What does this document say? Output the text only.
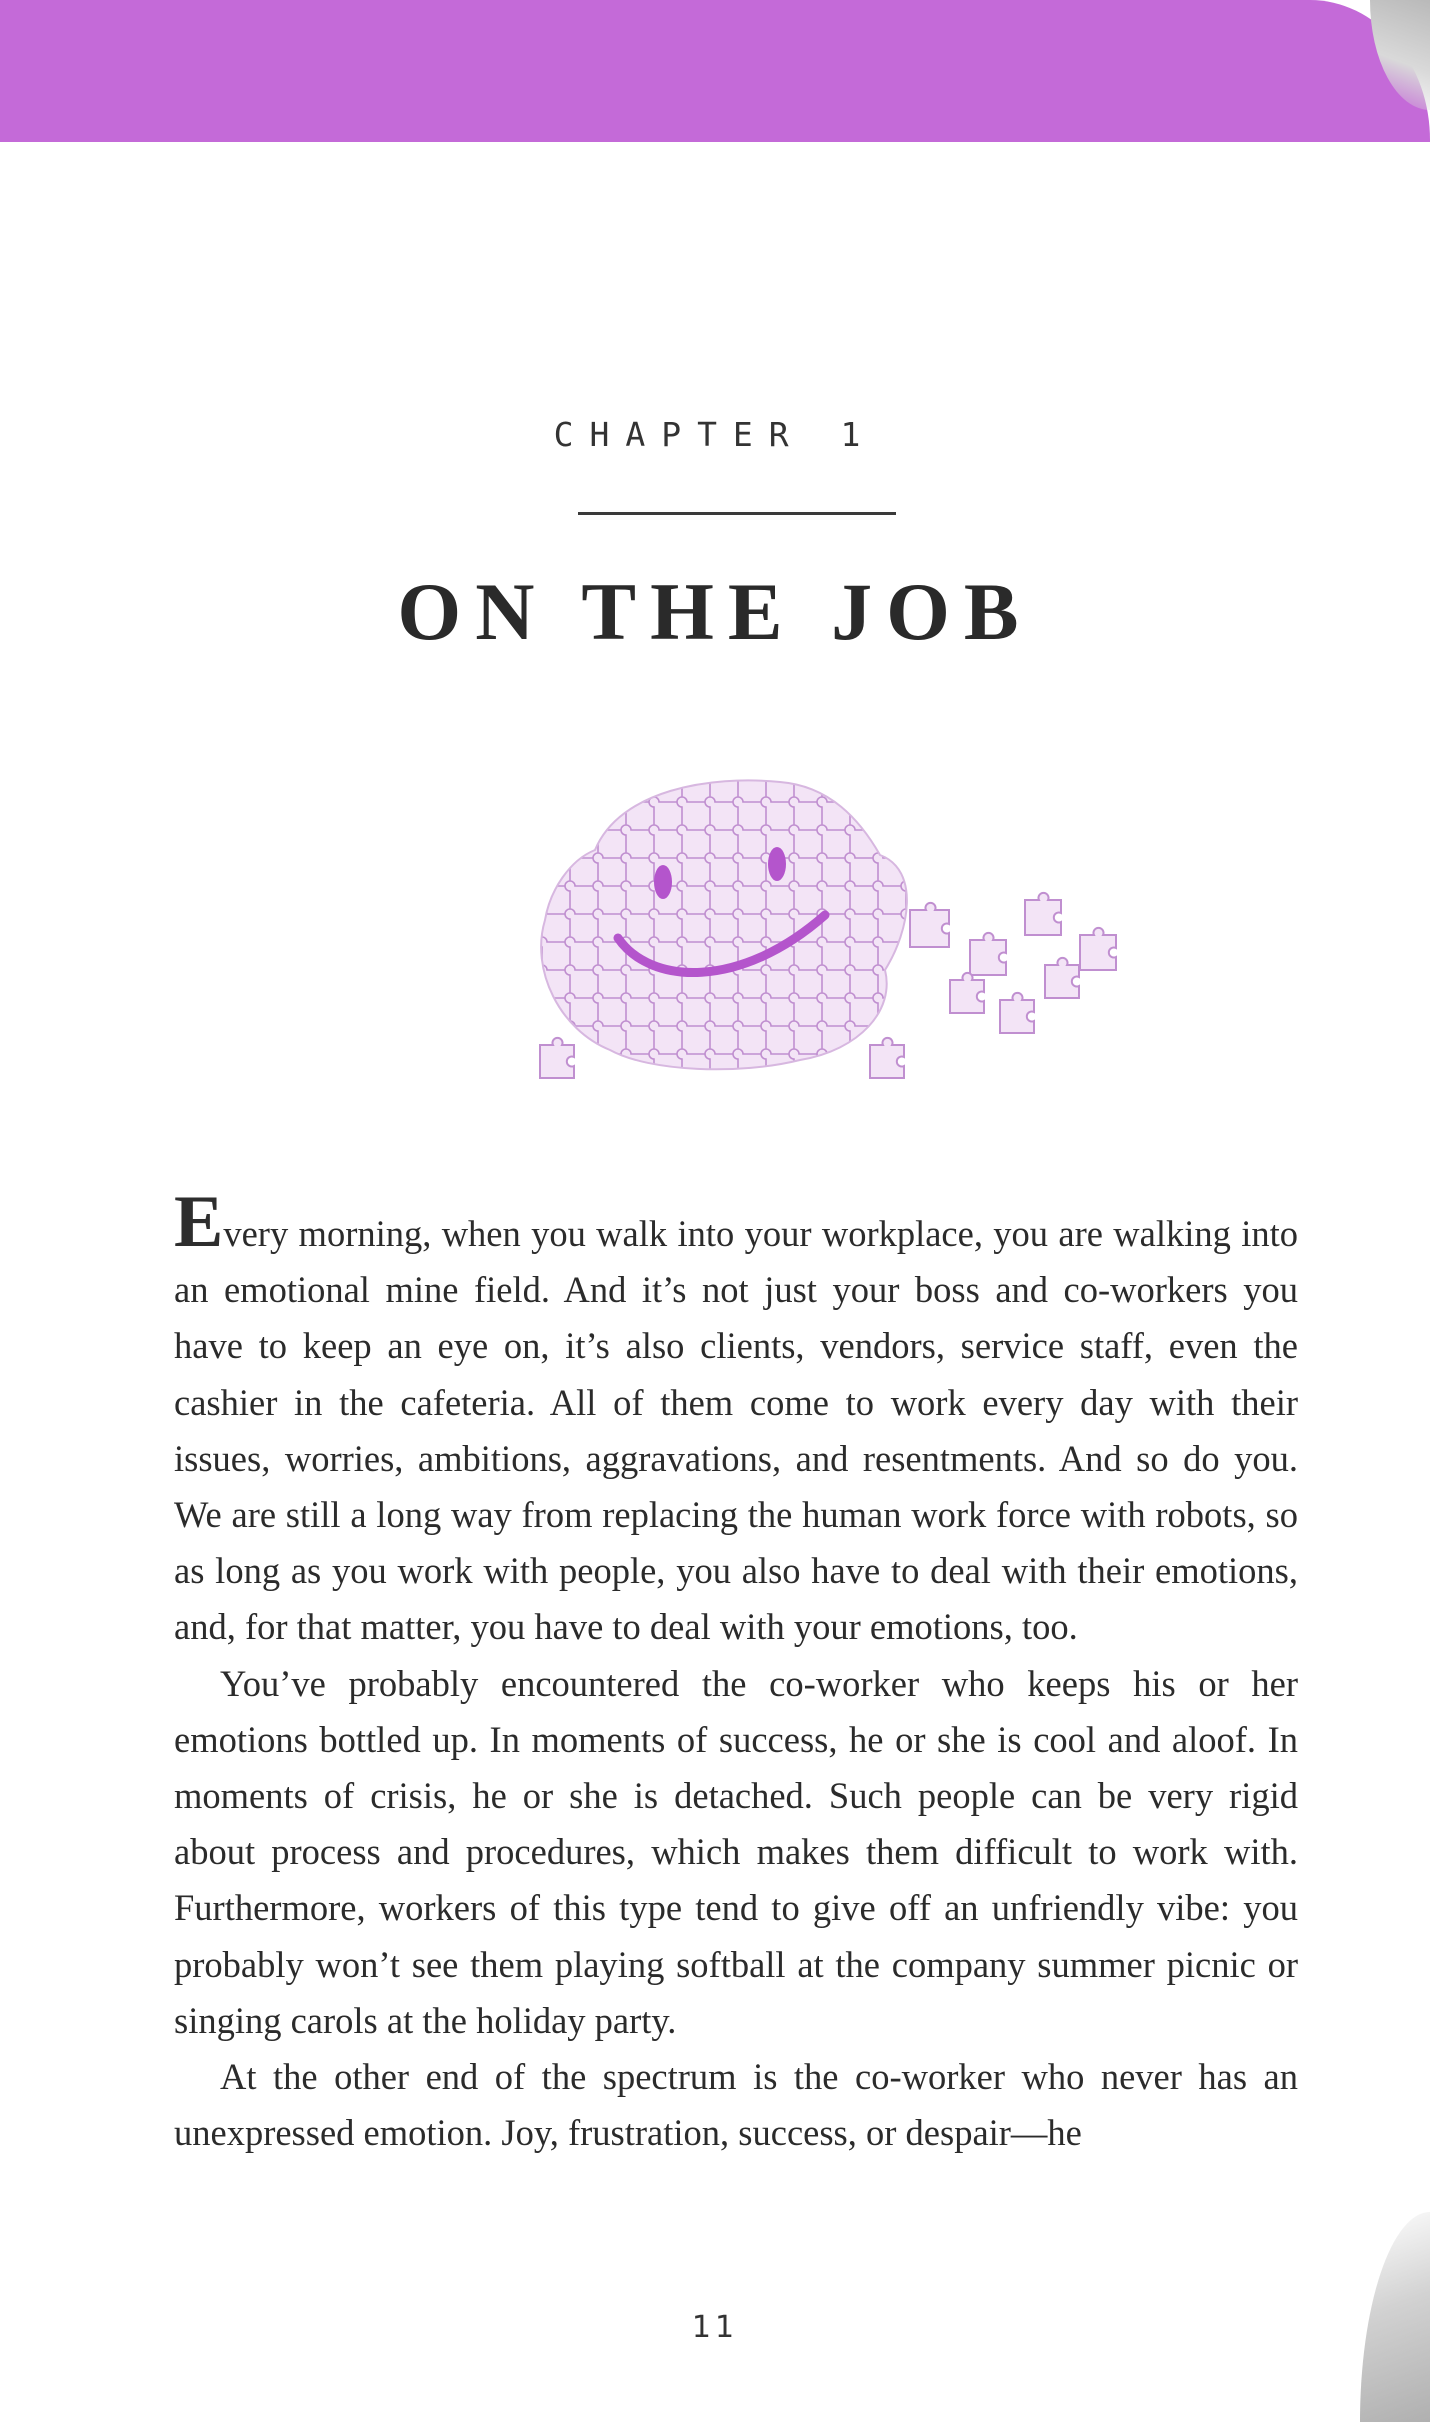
CHAPTER 1
ON THE JOB

Every morning, when you walk into your workplace, you are walking into an emotional mine field. And it’s not just your boss and co-workers you have to keep an eye on, it’s also clients, vendors, service staff, even the cashier in the cafeteria. All of them come to work every day with their issues, worries, ambitions, aggravations, and resentments. And so do you. We are still a long way from replacing the human work force with robots, so as long as you work with people, you also have to deal with their emotions, and, for that matter, you have to deal with your emotions, too.

You’ve probably encountered the co-worker who keeps his or her emotions bottled up. In moments of success, he or she is cool and aloof. In moments of crisis, he or she is detached. Such people can be very rigid about process and procedures, which makes them difficult to work with. Furthermore, workers of this type tend to give off an unfriendly vibe: you probably won’t see them playing softball at the company summer picnic or singing carols at the holiday party.

At the other end of the spectrum is the co-worker who never has an unexpressed emotion. Joy, frustration, success, or despair—he

11
